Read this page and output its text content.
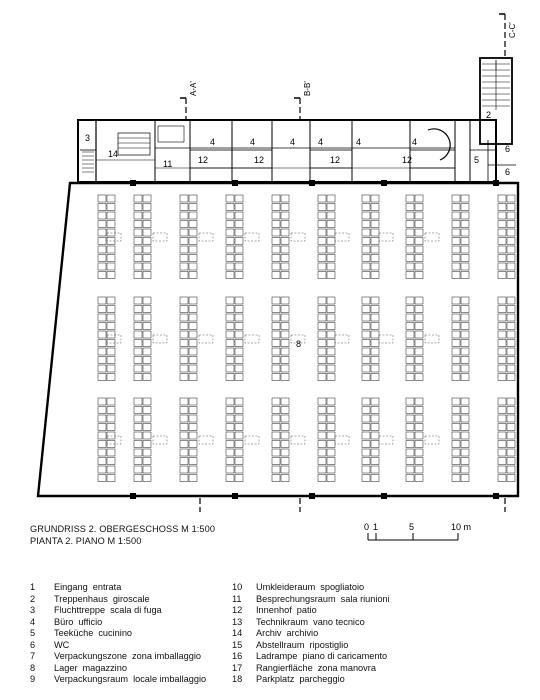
A-A'	B-B'
C-C'
8
14
3
11
2
5
6
6
4	4	4	4	4	4
12	12	12	12
0 1	5	10 m
GRUNDRISS 2. OBERGESCHOSS M 1:500
PIANTA 2. PIANO M 1:500
1	Eingang entrata
2	Treppenhaus giroscale
3	Fluchttreppe scala di fuga
4	Büro ufficio
5	Teeküche cucinino
6	WC
7	Verpackungszone zona imballaggio
8	Lager magazzino
9	Verpackungsraum locale imballaggio
10	Umkleideraum spogliatoio
11	Besprechungsraum sala riunioni
12	Innenhof patio
13	Technikraum vano tecnico
14	Archiv archivio
15	Abstellraum ripostiglio
16	Ladrampe piano di caricamento
17	Rangierfläche zona manovra
18	Parkplatz parcheggio
